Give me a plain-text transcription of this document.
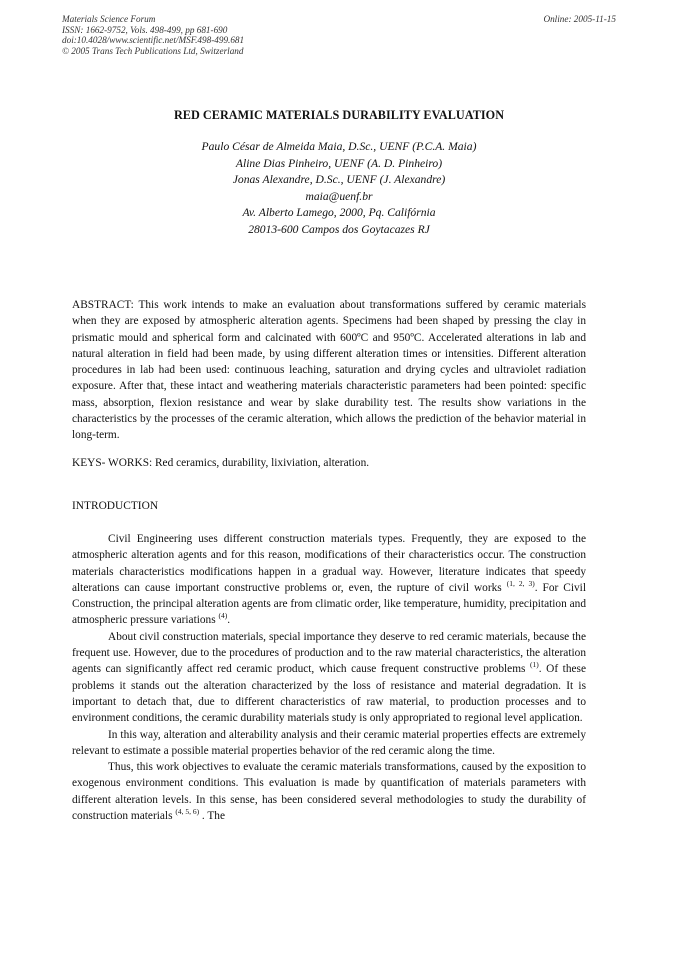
Materials Science Forum
ISSN: 1662-9752, Vols. 498-499, pp 681-690
doi:10.4028/www.scientific.net/MSF.498-499.681
© 2005 Trans Tech Publications Ltd, Switzerland
Online: 2005-11-15
RED CERAMIC MATERIALS DURABILITY EVALUATION
Paulo César de Almeida Maia, D.Sc., UENF (P.C.A. Maia)
Aline Dias Pinheiro, UENF (A. D. Pinheiro)
Jonas Alexandre, D.Sc., UENF (J. Alexandre)
maia@uenf.br
Av. Alberto Lamego, 2000, Pq. Califórnia
28013-600 Campos dos Goytacazes RJ

ABSTRACT: This work intends to make an evaluation about transformations suffered by ceramic materials when they are exposed by atmospheric alteration agents. Specimens had been shaped by pressing the clay in prismatic mould and spherical form and calcinated with 600ºC and 950ºC. Accelerated alterations in lab and natural alteration in field had been made, by using different alteration times or intensities. Different alteration procedures in lab had been used: continuous leaching, saturation and drying cycles and ultraviolet radiation exposure. After that, these intact and weathering materials characteristic parameters had been pointed: specific mass, absorption, flexion resistance and wear by slake durability test. The results show variations in the characteristics by the processes of the ceramic alteration, which allows the prediction of the behavior material in long-term.

KEYS- WORKS: Red ceramics, durability, lixiviation, alteration.
INTRODUCTION

Civil Engineering uses different construction materials types. Frequently, they are exposed to the atmospheric alteration agents and for this reason, modifications of their characteristics occur. The construction materials characteristics modifications happen in a gradual way. However, literature indicates that speedy alterations can cause important constructive problems or, even, the rupture of civil works $^{(1, 2, 3)}$. For Civil Construction, the principal alteration agents are from climatic order, like temperature, humidity, precipitation and atmospheric pressure variations $^{(4)}$.

About civil construction materials, special importance they deserve to red ceramic materials, because the frequent use. However, due to the procedures of production and to the raw material characteristics, the alteration agents can significantly affect red ceramic product, which cause frequent constructive problems $^{(1)}$. Of these problems it stands out the alteration characterized by the loss of resistance and material degradation. It is important to detach that, due to different characteristics of raw material, to production processes and to environment conditions, the ceramic durability materials study is only appropriated to regional level application.

In this way, alteration and alterability analysis and their ceramic material properties effects are extremely relevant to estimate a possible material properties behavior of the red ceramic along the time.

Thus, this work objectives to evaluate the ceramic materials transformations, caused by the exposition to exogenous environment conditions. This evaluation is made by quantification of materials parameters with different alteration levels. In this sense, has been considered several methodologies to study the durability of construction materials $^{(4, 5, 6)}$ . The
